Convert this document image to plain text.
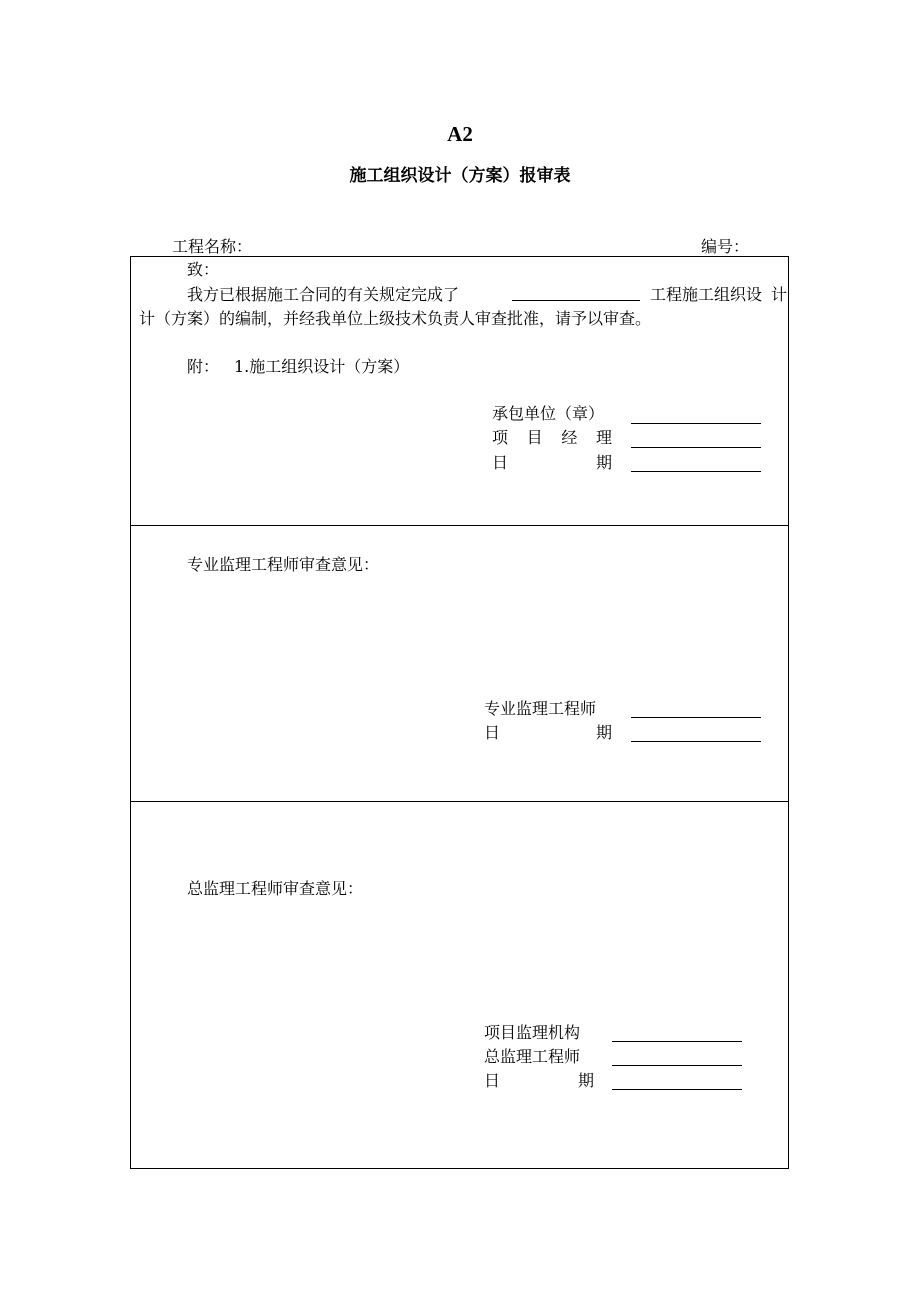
A2
施工组织设计（方案）报审表
工程名称：	编号：
致：
我方已根据施工合同的有关规定完成了	工程施工组织设 计
计（方案）的编制，并经我单位上级技术负责人审查批准，请予以审查。
附： 1.施工组织设计（方案）
承包单位（章）
项 目 经 理
日	期
专业监理工程师审查意见：
专业监理工程师
日	期
总监理工程师审查意见：
项目监理机构
总监理工程师
日	期
